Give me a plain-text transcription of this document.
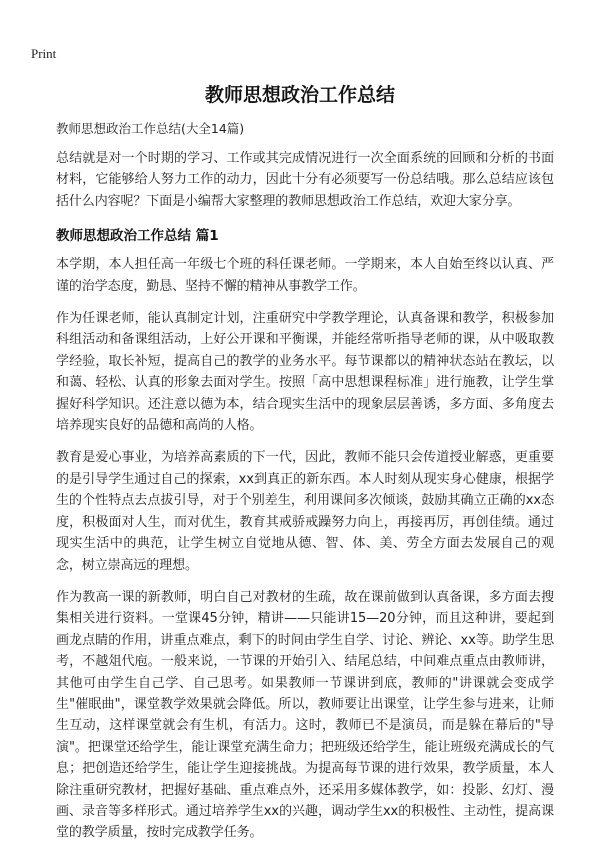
Print
教师思想政治工作总结

教师思想政治工作总结(大全14篇)

总结就是对一个时期的学习、工作或其完成情况进行一次全面系统的回顾和分析的书面材料，它能够给人努力工作的动力，因此十分有必须要写一份总结哦。那么总结应该包括什么内容呢？下面是小编帮大家整理的教师思想政治工作总结，欢迎大家分享。

教师思想政治工作总结 篇1

本学期，本人担任高一年级七个班的科任课老师。一学期来，本人自始至终以认真、严谨的治学态度，勤恳、坚持不懈的精神从事教学工作。

作为任课老师，能认真制定计划，注重研究中学教学理论，认真备课和教学，积极参加科组活动和备课组活动，上好公开课和平衡课，并能经常听指导老师的课，从中吸取教学经验，取长补短，提高自己的教学的业务水平。每节课都以的精神状态站在教坛，以和蔼、轻松、认真的形象去面对学生。按照「高中思想课程标准」进行施教，让学生掌握好科学知识。还注意以德为本，结合现实生活中的现象层层善诱，多方面、多角度去培养现实良好的品德和高尚的人格。

教育是爱心事业，为培养高素质的下一代，因此，教师不能只会传道授业解惑，更重要的是引导学生通过自己的探索，xx到真正的新东西。本人时刻从现实身心健康，根据学生的个性特点去点拔引导，对于个别差生，利用课间多次倾谈，鼓励其确立正确的xx态度，积极面对人生，而对优生，教育其戒骄戒躁努力向上，再接再厉，再创佳绩。通过现实生活中的典范，让学生树立自觉地从德、智、体、美、劳全方面去发展自己的观念，树立崇高远的理想。

作为教高一课的新教师，明白自己对教材的生疏，故在课前做到认真备课，多方面去搜集相关进行资料。一堂课45分钟，精讲——只能讲15—20分钟，而且这种讲，要起到画龙点睛的作用，讲重点难点，剩下的时间由学生自学、讨论、辨论、xx等。助学生思考，不越俎代庖。一般来说，一节课的开始引入、结尾总结，中间难点重点由教师讲，其他可由学生自己学、自己思考。如果教师一节课讲到底，教师的"讲课就会变成学生"催眠曲"，课堂教学效果就会降低。所以，教师要让出课堂，让学生参与进来，让师生互动，这样课堂就会有生机，有活力。这时，教师已不是演员，而是躲在幕后的"导演"。把课堂还给学生，能让课堂充满生命力；把班级还给学生，能让班级充满成长的气息；把创造还给学生，能让学生迎接挑战。为提高每节课的进行效果，教学质量，本人除注重研究教材，把握好基础、重点难点外，还采用多媒体教学，如：投影、幻灯、漫画、录音等多样形式。通过培养学生xx的兴趣，调动学生xx的积极性、主动性，提高课堂的教学质量，按时完成教学任务。
